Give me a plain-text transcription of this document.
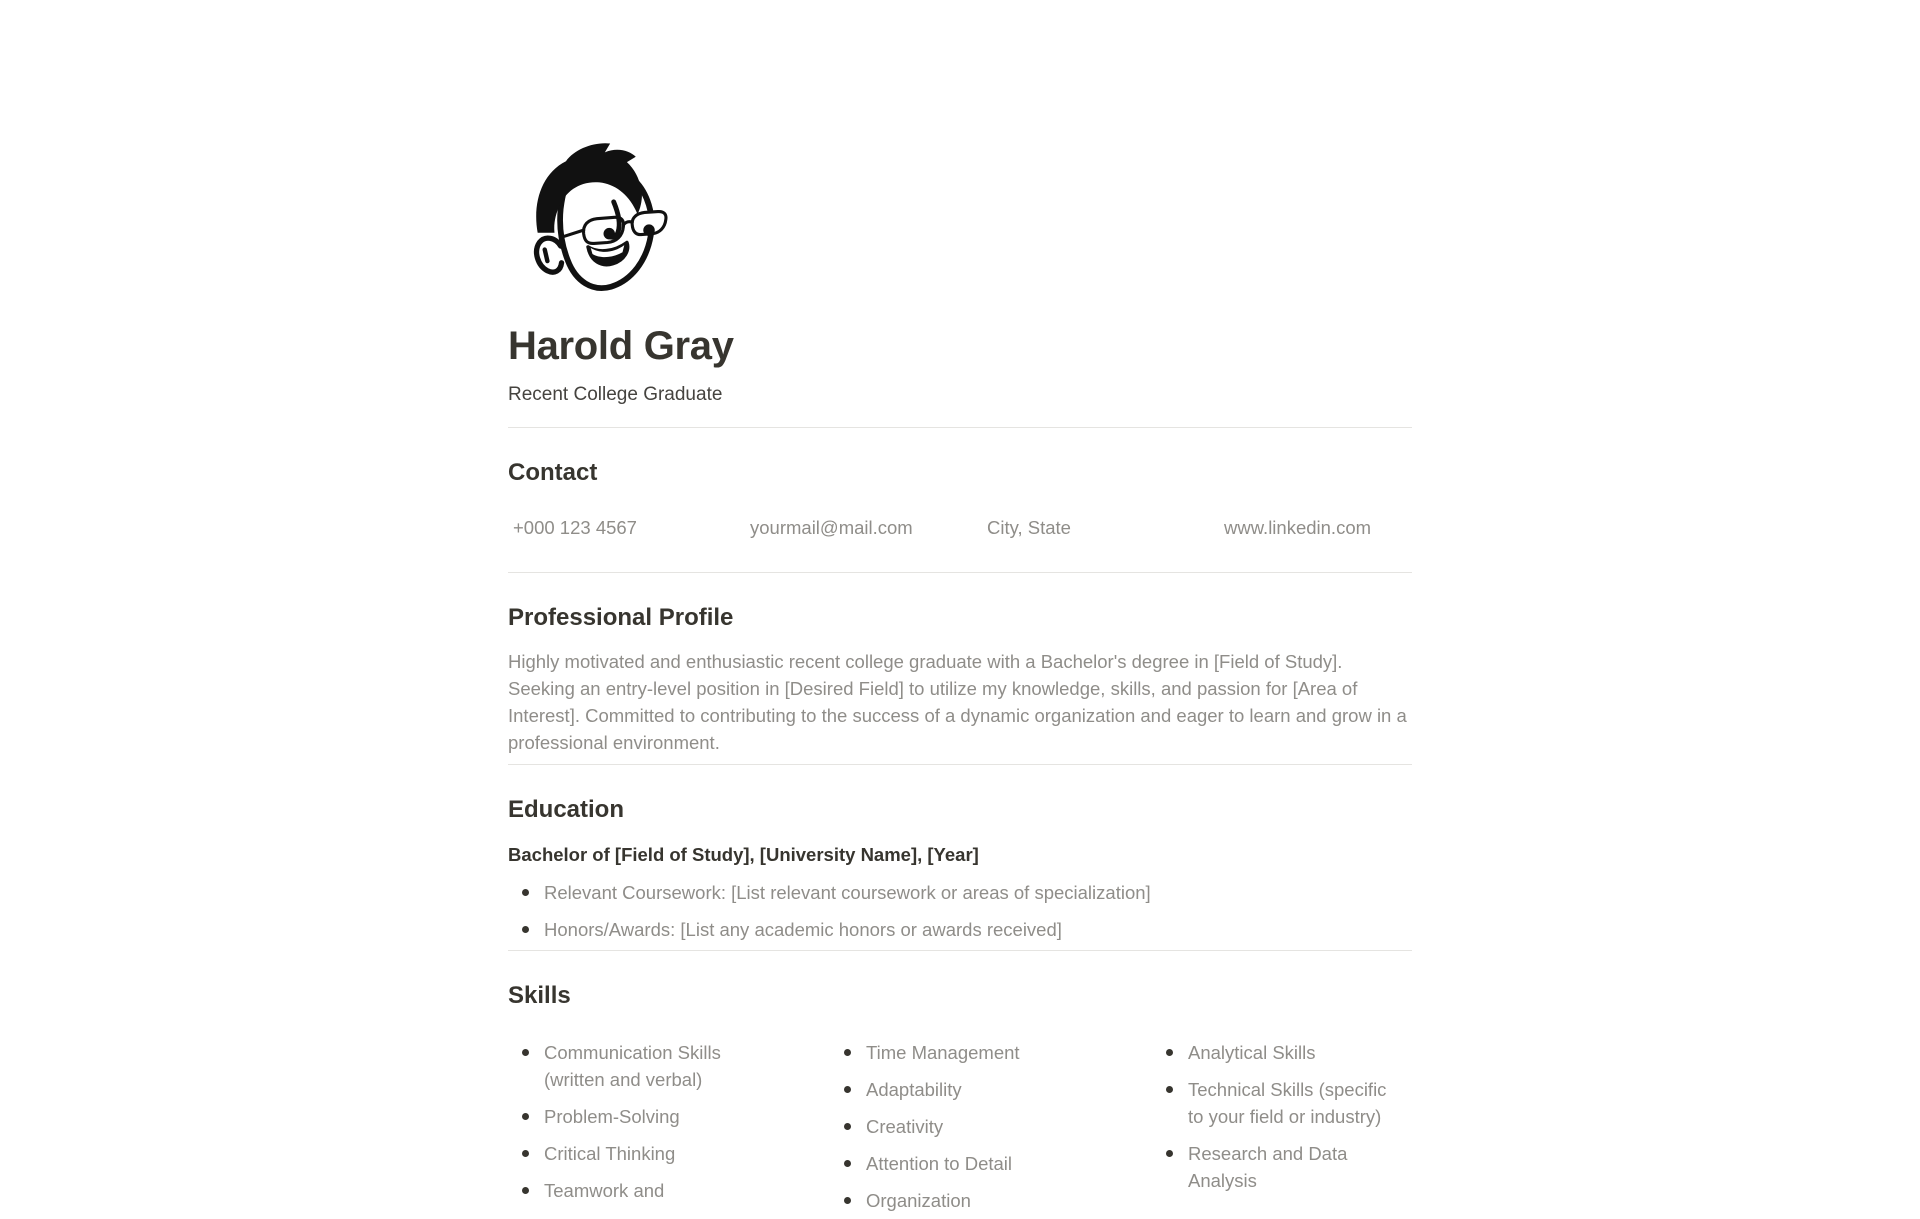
Harold Gray

Recent College Graduate

Contact
+000 123 4567	yourmail@mail.com	City, State	www.linkedin.com
Professional Profile

Highly motivated and enthusiastic recent college graduate with a Bachelor's degree in [Field of Study]. Seeking an entry-level position in [Desired Field] to utilize my knowledge, skills, and passion for [Area of Interest]. Committed to contributing to the success of a dynamic organization and eager to learn and grow in a professional environment.

Education
Bachelor of [Field of Study], [University Name], [Year]
Relevant Coursework: [List relevant coursework or areas of specialization]
Honors/Awards: [List any academic honors or awards received]
Skills
Communication Skills (written and verbal)
Problem-Solving
Critical Thinking
Teamwork and
Time Management
Adaptability
Creativity
Attention to Detail
Organization
Analytical Skills
Technical Skills (specific to your field or industry)
Research and Data Analysis
